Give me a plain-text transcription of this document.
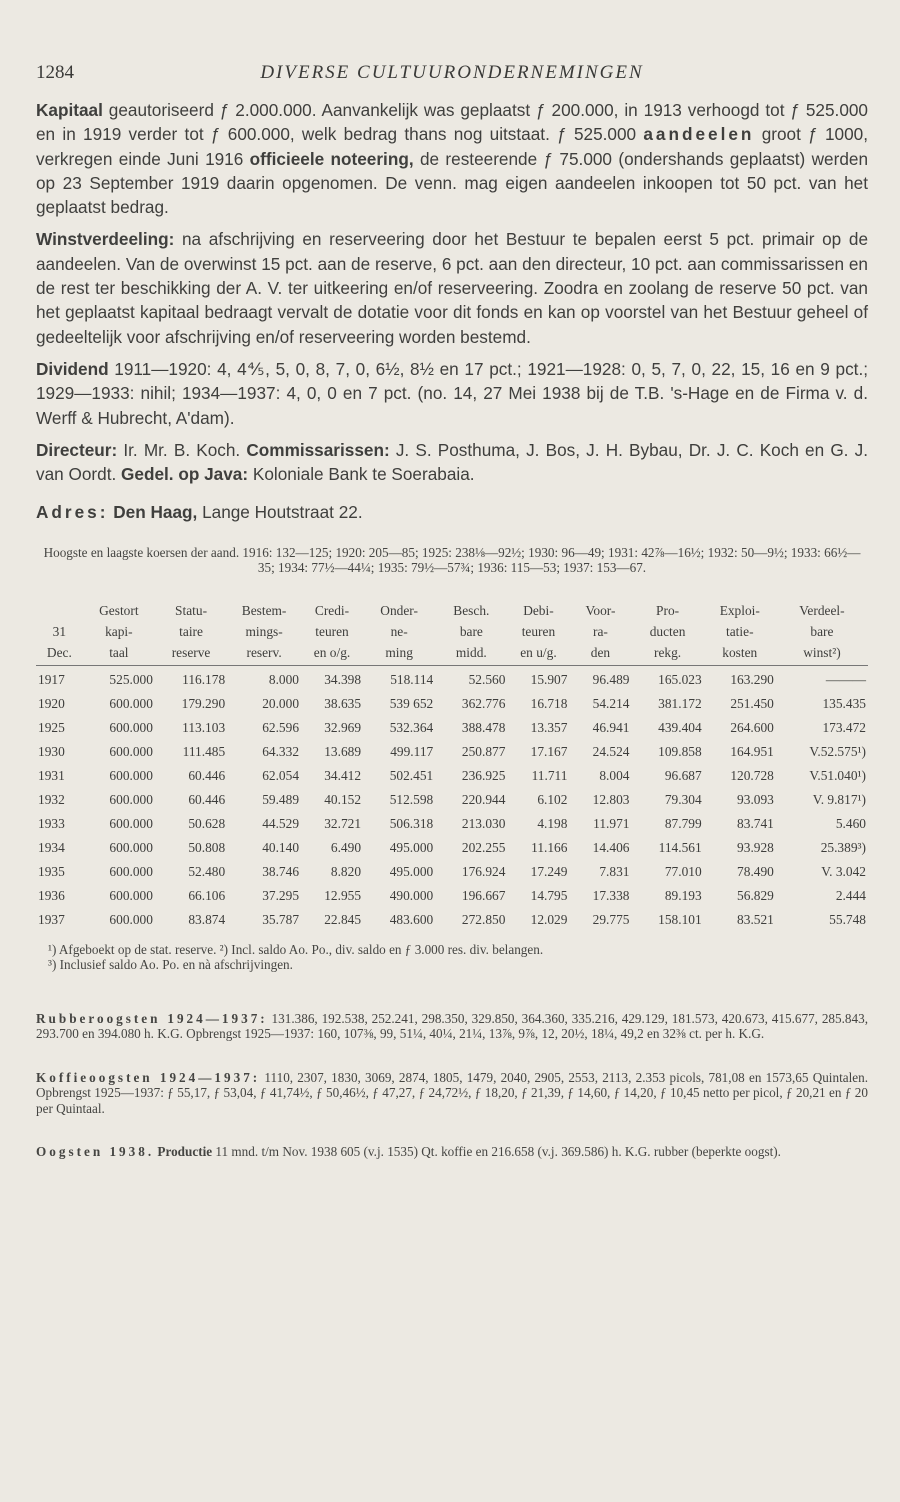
1284	DIVERSE CULTUURONDERNEMINGEN

Kapitaal geautoriseerd ƒ 2.000.000. Aanvankelijk was geplaatst ƒ 200.000, in 1913 verhoogd tot ƒ 525.000 en in 1919 verder tot ƒ 600.000, welk bedrag thans nog uitstaat. ƒ 525.000 aandeelen groot ƒ 1000, verkregen einde Juni 1916 officieele noteering, de resteerende ƒ 75.000 (ondershands geplaatst) werden op 23 September 1919 daarin opgenomen. De venn. mag eigen aandeelen inkoopen tot 50 pct. van het geplaatst bedrag.

Winstverdeeling: na afschrijving en reserveering door het Bestuur te bepalen eerst 5 pct. primair op de aandeelen. Van de overwinst 15 pct. aan de reserve, 6 pct. aan den directeur, 10 pct. aan commissarissen en de rest ter beschikking der A. V. ter uitkeering en/of reserveering. Zoodra en zoolang de reserve 50 pct. van het geplaatst kapitaal bedraagt vervalt de dotatie voor dit fonds en kan op voorstel van het Bestuur geheel of gedeeltelijk voor afschrijving en/of reserveering worden bestemd.

Dividend 1911—1920: 4, 4⅘, 5, 0, 8, 7, 0, 6½, 8½ en 17 pct.; 1921—1928: 0, 5, 7, 0, 22, 15, 16 en 9 pct.; 1929—1933: nihil; 1934—1937: 4, 0, 0 en 7 pct. (no. 14, 27 Mei 1938 bij de T.B. 's-Hage en de Firma v. d. Werff & Hubrecht, A'dam).

Directeur: Ir. Mr. B. Koch. Commissarissen: J. S. Posthuma, J. Bos, J. H. Bybau, Dr. J. C. Koch en G. J. van Oordt. Gedel. op Java: Koloniale Bank te Soerabaia.

Adres: Den Haag, Lange Houtstraat 22.

Hoogste en laagste koersen der aand. 1916: 132—125; 1920: 205—85; 1925: 238⅛—92½; 1930: 96—49; 1931: 42⅞—16½; 1932: 50—9½; 1933: 66½—35; 1934: 77½—44¼; 1935: 79½—57¾; 1936: 115—53; 1937: 153—67.
	Gestort	Statu-	Bestem-	Credi-	Onder-	Besch.	Debi-	Voor-	Pro-	Exploi-	Verdeel-
31	kapi-	taire	mings-	teuren	ne-	bare	teuren	ra-	ducten	tatie-	bare
Dec.	taal	reserve	reserv.	en o/g.	ming	midd.	en u/g.	den	rekg.	kosten	winst²)
1917	525.000	116.178	8.000	34.398	518.114	52.560	15.907	96.489	165.023	163.290	———
1920	600.000	179.290	20.000	38.635	539 652	362.776	16.718	54.214	381.172	251.450	135.435
1925	600.000	113.103	62.596	32.969	532.364	388.478	13.357	46.941	439.404	264.600	173.472
1930	600.000	111.485	64.332	13.689	499.117	250.877	17.167	24.524	109.858	164.951	V.52.575¹)
1931	600.000	60.446	62.054	34.412	502.451	236.925	11.711	8.004	96.687	120.728	V.51.040¹)
1932	600.000	60.446	59.489	40.152	512.598	220.944	6.102	12.803	79.304	93.093	V. 9.817¹)
1933	600.000	50.628	44.529	32.721	506.318	213.030	4.198	11.971	87.799	83.741	5.460
1934	600.000	50.808	40.140	6.490	495.000	202.255	11.166	14.406	114.561	93.928	25.389³)
1935	600.000	52.480	38.746	8.820	495.000	176.924	17.249	7.831	77.010	78.490	V. 3.042
1936	600.000	66.106	37.295	12.955	490.000	196.667	14.795	17.338	89.193	56.829	2.444
1937	600.000	83.874	35.787	22.845	483.600	272.850	12.029	29.775	158.101	83.521	55.748
¹) Afgeboekt op de stat. reserve. ²) Incl. saldo Ao. Po., div. saldo en ƒ 3.000 res. div. belangen.
³) Inclusief saldo Ao. Po. en nà afschrijvingen.
Rubberoogsten 1924—1937: 131.386, 192.538, 252.241, 298.350, 329.850, 364.360, 335.216, 429.129, 181.573, 420.673, 415.677, 285.843, 293.700 en 394.080 h. K.G. Opbrengst 1925—1937: 160, 107⅜, 99, 51¼, 40¼, 21¼, 13⅞, 9⅞, 12, 20½, 18¼, 49,2 en 32⅜ ct. per h. K.G.
Koffieoogsten 1924—1937: 1110, 2307, 1830, 3069, 2874, 1805, 1479, 2040, 2905, 2553, 2113, 2.353 picols, 781,08 en 1573,65 Quintalen. Opbrengst 1925—1937: ƒ 55,17, ƒ 53,04, ƒ 41,74½, ƒ 50,46½, ƒ 47,27, ƒ 24,72½, ƒ 18,20, ƒ 21,39, ƒ 14,60, ƒ 14,20, ƒ 10,45 netto per picol, ƒ 20,21 en ƒ 20 per Quintaal.
Oogsten 1938. Productie 11 mnd. t/m Nov. 1938 605 (v.j. 1535) Qt. koffie en 216.658 (v.j. 369.586) h. K.G. rubber (beperkte oogst).
